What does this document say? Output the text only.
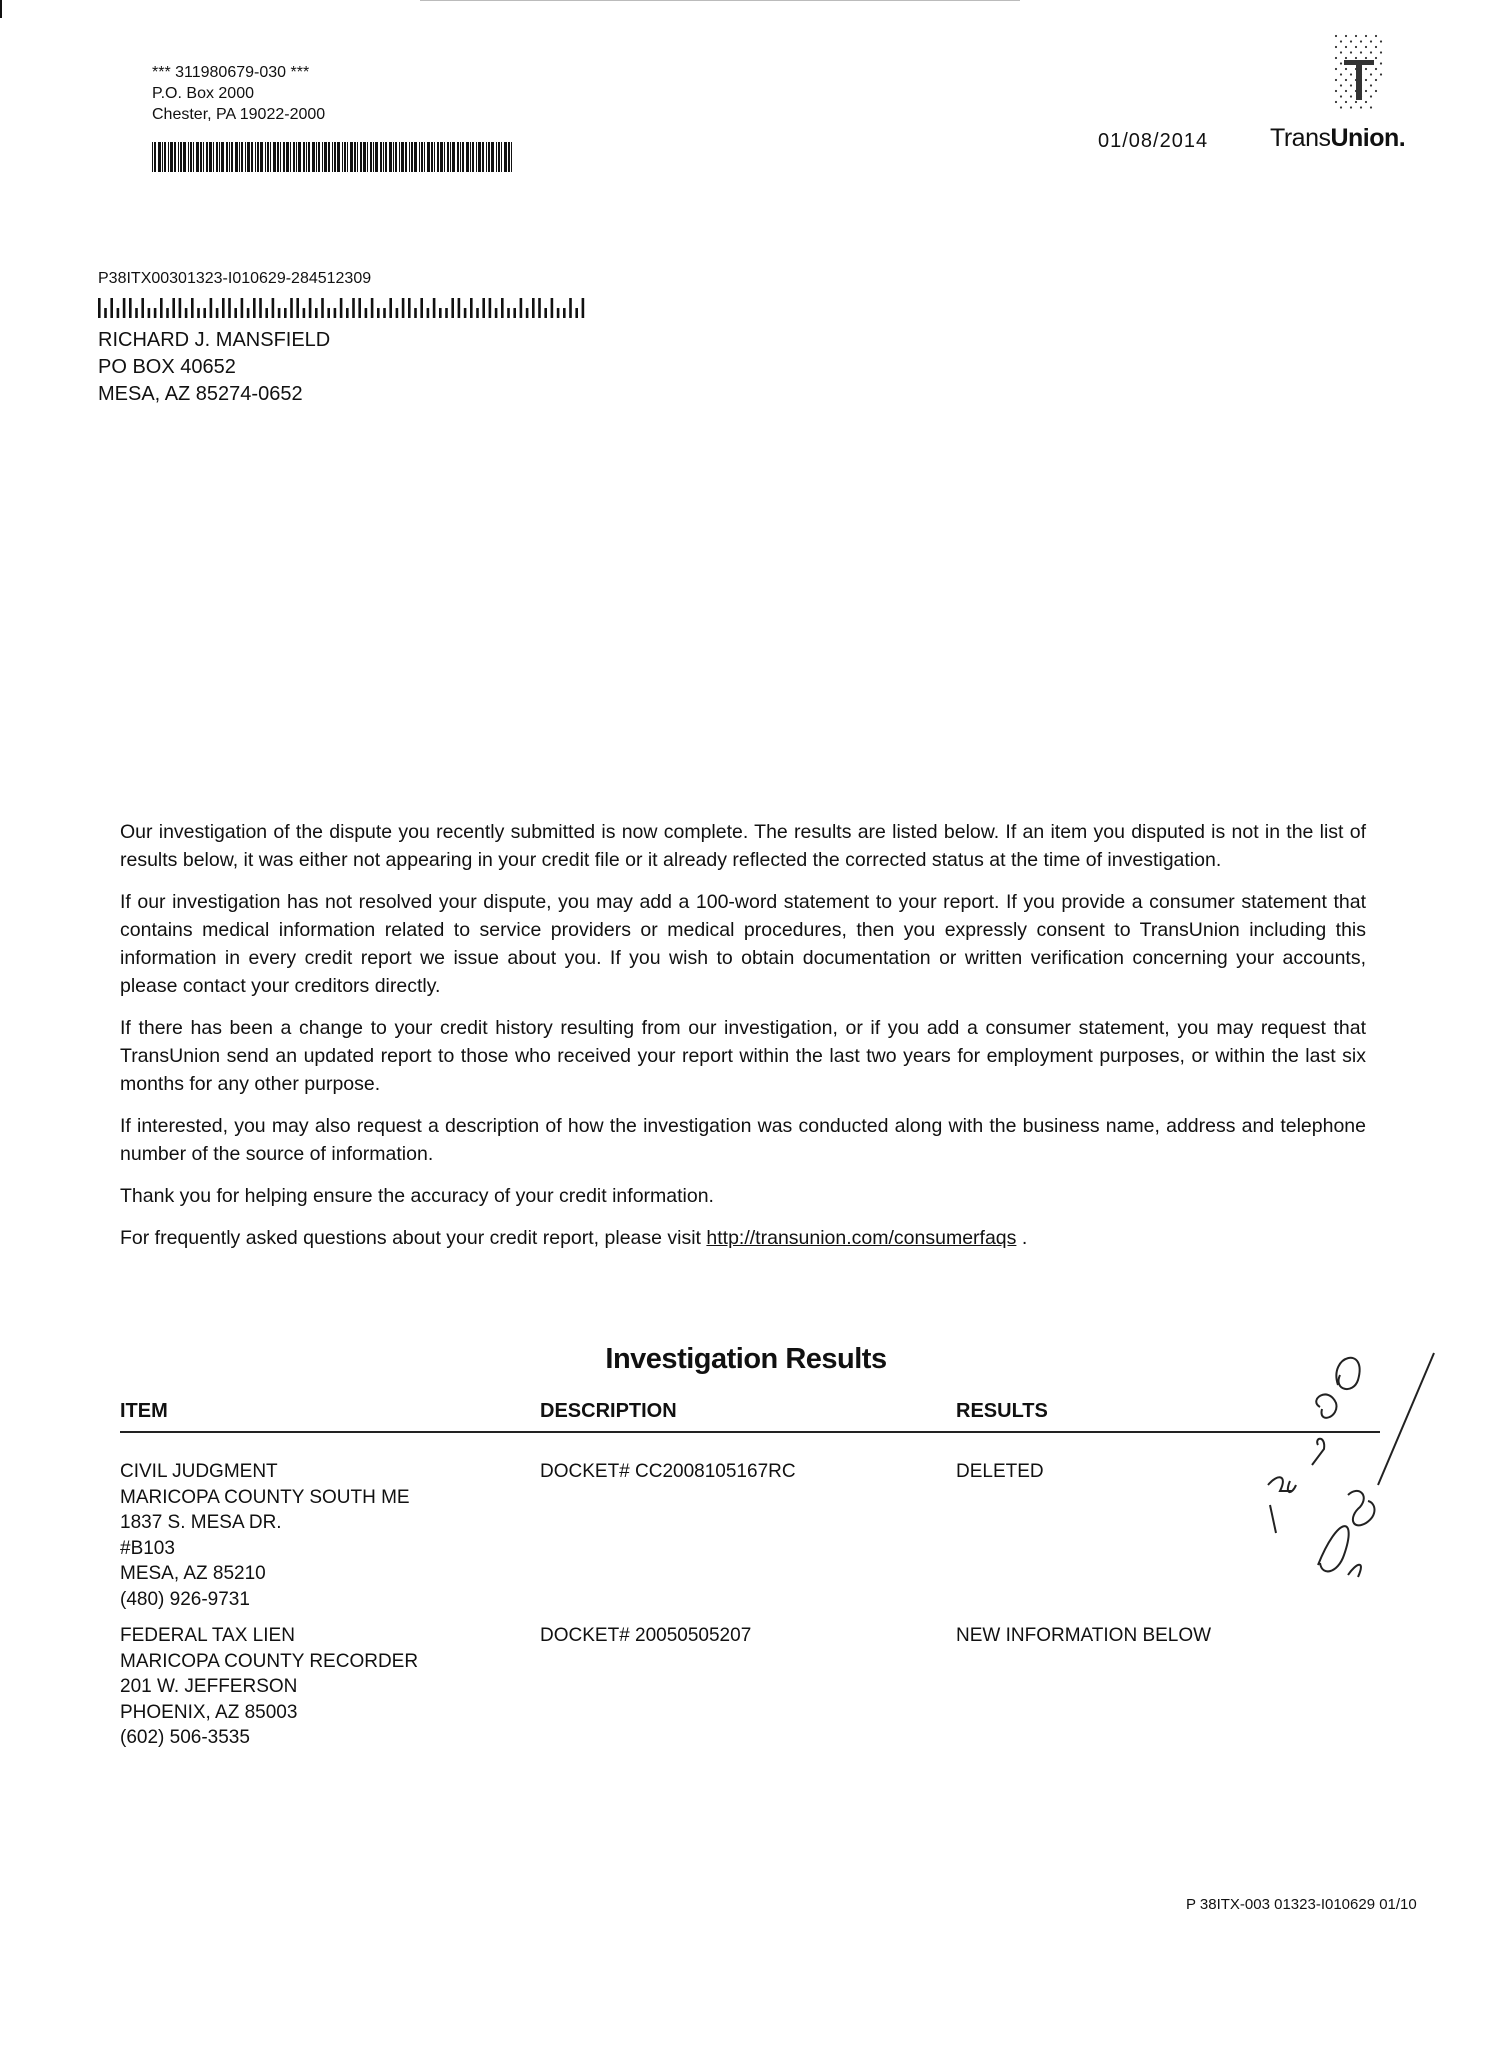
*** 311980679-030 ***
P.O. Box 2000
Chester, PA 19022-2000
01/08/2014 TransUnion.
P38ITX00301323-I010629-284512309
RICHARD J. MANSFIELD
PO BOX 40652
MESA, AZ 85274-0652

Our investigation of the dispute you recently submitted is now complete. The results are listed below. If an item you disputed is not in the list of results below, it was either not appearing in your credit file or it already reflected the corrected status at the time of investigation.

If our investigation has not resolved your dispute, you may add a 100-word statement to your report. If you provide a consumer statement that contains medical information related to service providers or medical procedures, then you expressly consent to TransUnion including this information in every credit report we issue about you. If you wish to obtain documentation or written verification concerning your accounts, please contact your creditors directly.

If there has been a change to your credit history resulting from our investigation, or if you add a consumer statement, you may request that TransUnion send an updated report to those who received your report within the last two years for employment purposes, or within the last six months for any other purpose.

If interested, you may also request a description of how the investigation was conducted along with the business name, address and telephone number of the source of information.

Thank you for helping ensure the accuracy of your credit information.

For frequently asked questions about your credit report, please visit http://transunion.com/consumerfaqs .

Investigation Results
ITEM	DESCRIPTION	RESULTS
CIVIL JUDGMENT
MARICOPA COUNTY SOUTH ME
1837 S. MESA DR.
#B103
MESA, AZ 85210
(480) 926-9731
DOCKET# CC2008105167RC	DELETED
FEDERAL TAX LIEN
MARICOPA COUNTY RECORDER
201 W. JEFFERSON
PHOENIX, AZ 85003
(602) 506-3535
DOCKET# 20050505207	NEW INFORMATION BELOW
P 38ITX-003 01323-I010629 01/10
